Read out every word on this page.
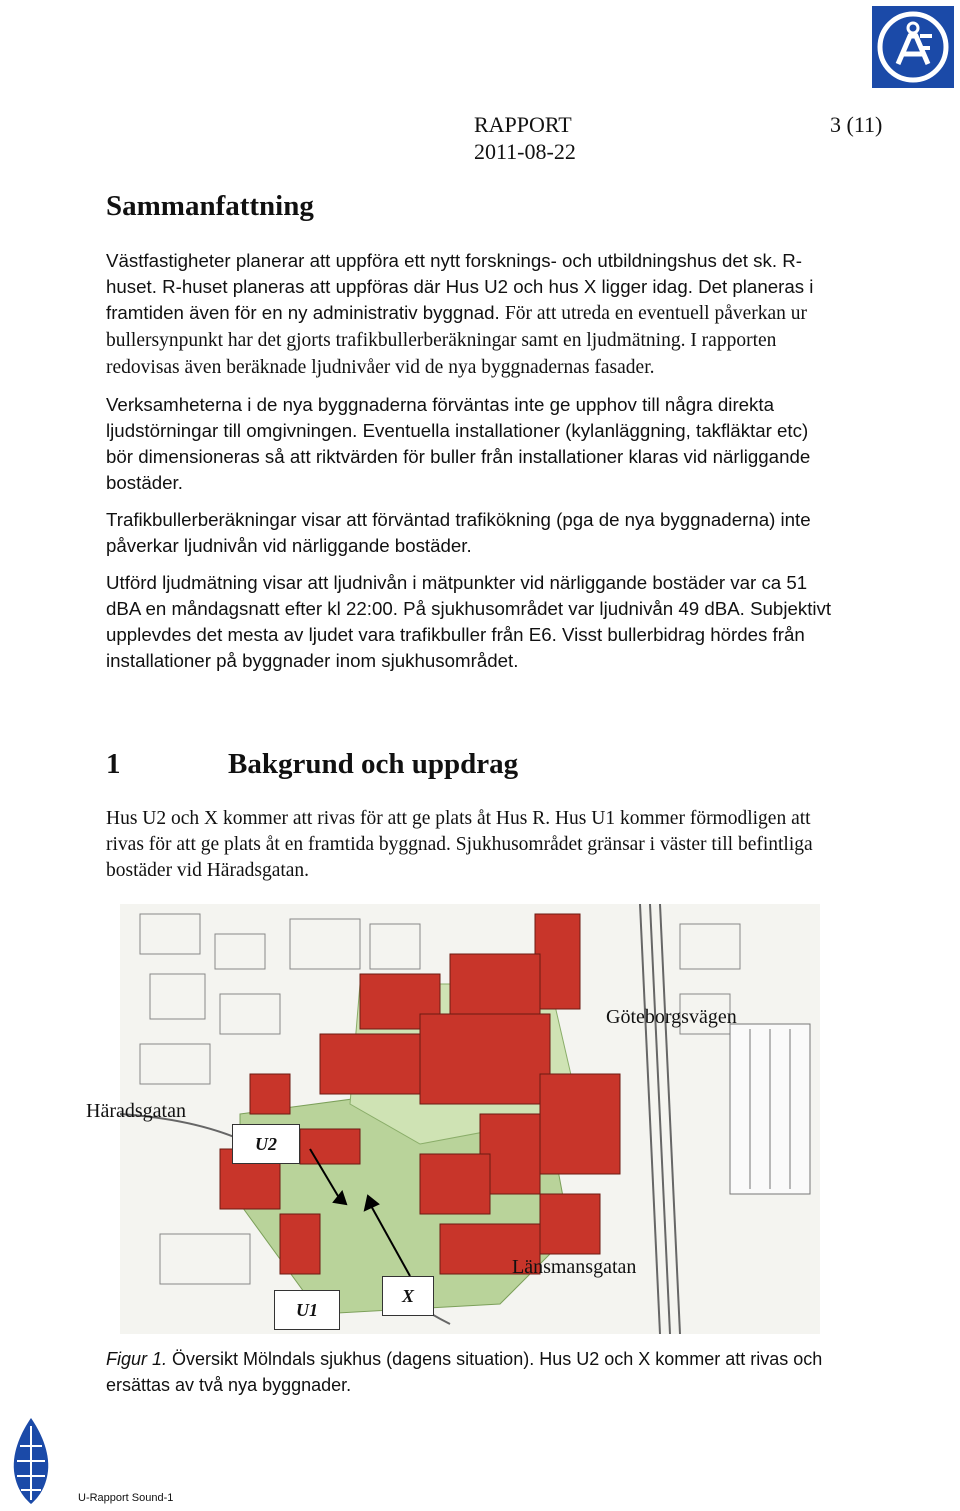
RAPPORT
2011-08-22
3 (11)
Sammanfattning

Västfastigheter planerar att uppföra ett nytt forsknings- och utbildningshus det sk. R-huset. R-huset planeras att uppföras där Hus U2 och hus X ligger idag. Det planeras i framtiden även för en ny administrativ byggnad. För att utreda en eventuell påverkan ur bullersynpunkt har det gjorts trafikbullerberäkningar samt en ljudmätning. I rapporten redovisas även beräknade ljudnivåer vid de nya byggnadernas fasader.

Verksamheterna i de nya byggnaderna förväntas inte ge upphov till några direkta ljudstörningar till omgivningen. Eventuella installationer (kylanläggning, takfläktar etc) bör dimensioneras så att riktvärden för buller från installationer klaras vid närliggande bostäder.

Trafikbullerberäkningar visar att förväntad trafikökning (pga de nya byggnaderna) inte påverkar ljudnivån vid närliggande bostäder.

Utförd ljudmätning visar att ljudnivån i mätpunkter vid närliggande bostäder var ca 51 dBA en måndagsnatt efter kl 22:00. På sjukhusområdet var ljudnivån 49 dBA. Subjektivt upplevdes det mesta av ljudet vara trafikbuller från E6. Visst bullerbidrag hördes från installationer på byggnader inom sjukhusområdet.

1	Bakgrund och uppdrag

Hus U2 och X kommer att rivas för att ge plats åt Hus R. Hus U1 kommer förmodligen att rivas för att ge plats åt en framtida byggnad. Sjukhusområdet gränsar i väster till befintliga bostäder vid Häradsgatan.

Göteborgsvägen
Häradsgatan
Länsmansgatan
U2
U1
X
Figur 1. Översikt Mölndals sjukhus (dagens situation). Hus U2 och X kommer att rivas och ersättas av två nya byggnader.
U-Rapport Sound-1
